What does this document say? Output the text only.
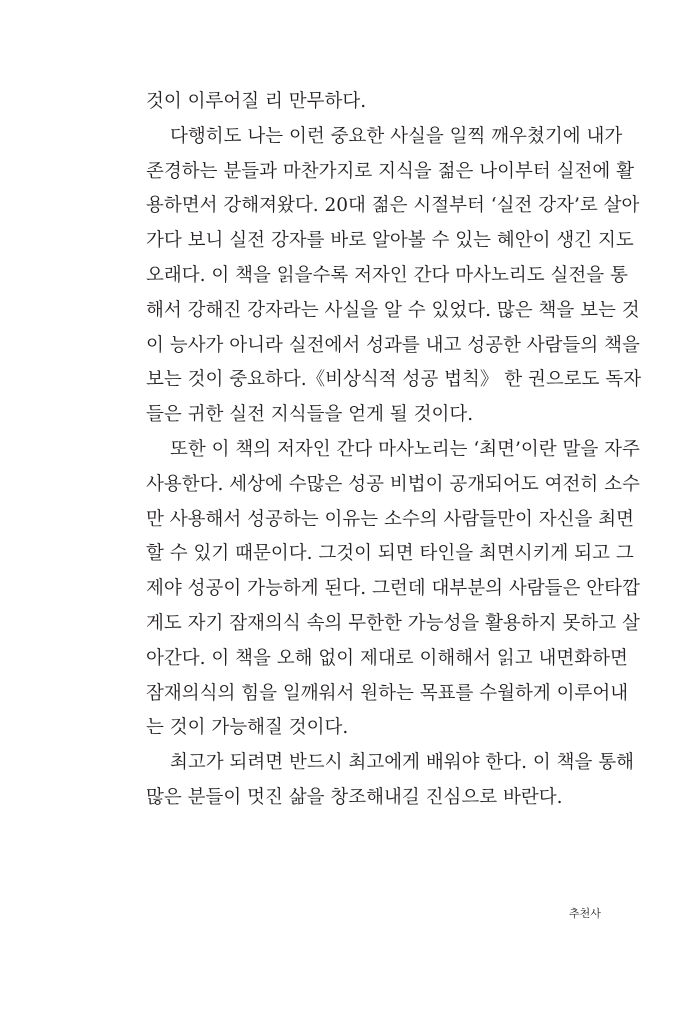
것이 이루어질 리 만무하다.
다행히도 나는 이런 중요한 사실을 일찍 깨우쳤기에 내가
존경하는 분들과 마찬가지로 지식을 젊은 나이부터 실전에 활
용하면서 강해져왔다. 20대 젊은 시절부터 ‘실전 강자’로 살아
가다 보니 실전 강자를 바로 알아볼 수 있는 혜안이 생긴 지도
오래다. 이 책을 읽을수록 저자인 간다 마사노리도 실전을 통
해서 강해진 강자라는 사실을 알 수 있었다. 많은 책을 보는 것
이 능사가 아니라 실전에서 성과를 내고 성공한 사람들의 책을
보는 것이 중요하다.《비상식적 성공 법칙》 한 권으로도 독자
들은 귀한 실전 지식들을 얻게 될 것이다.
또한 이 책의 저자인 간다 마사노리는 ‘최면’이란 말을 자주
사용한다. 세상에 수많은 성공 비법이 공개되어도 여전히 소수
만 사용해서 성공하는 이유는 소수의 사람들만이 자신을 최면
할 수 있기 때문이다. 그것이 되면 타인을 최면시키게 되고 그
제야 성공이 가능하게 된다. 그런데 대부분의 사람들은 안타깝
게도 자기 잠재의식 속의 무한한 가능성을 활용하지 못하고 살
아간다. 이 책을 오해 없이 제대로 이해해서 읽고 내면화하면
잠재의식의 힘을 일깨워서 원하는 목표를 수월하게 이루어내
는 것이 가능해질 것이다.
최고가 되려면 반드시 최고에게 배워야 한다. 이 책을 통해
많은 분들이 멋진 삶을 창조해내길 진심으로 바란다.
추천사
